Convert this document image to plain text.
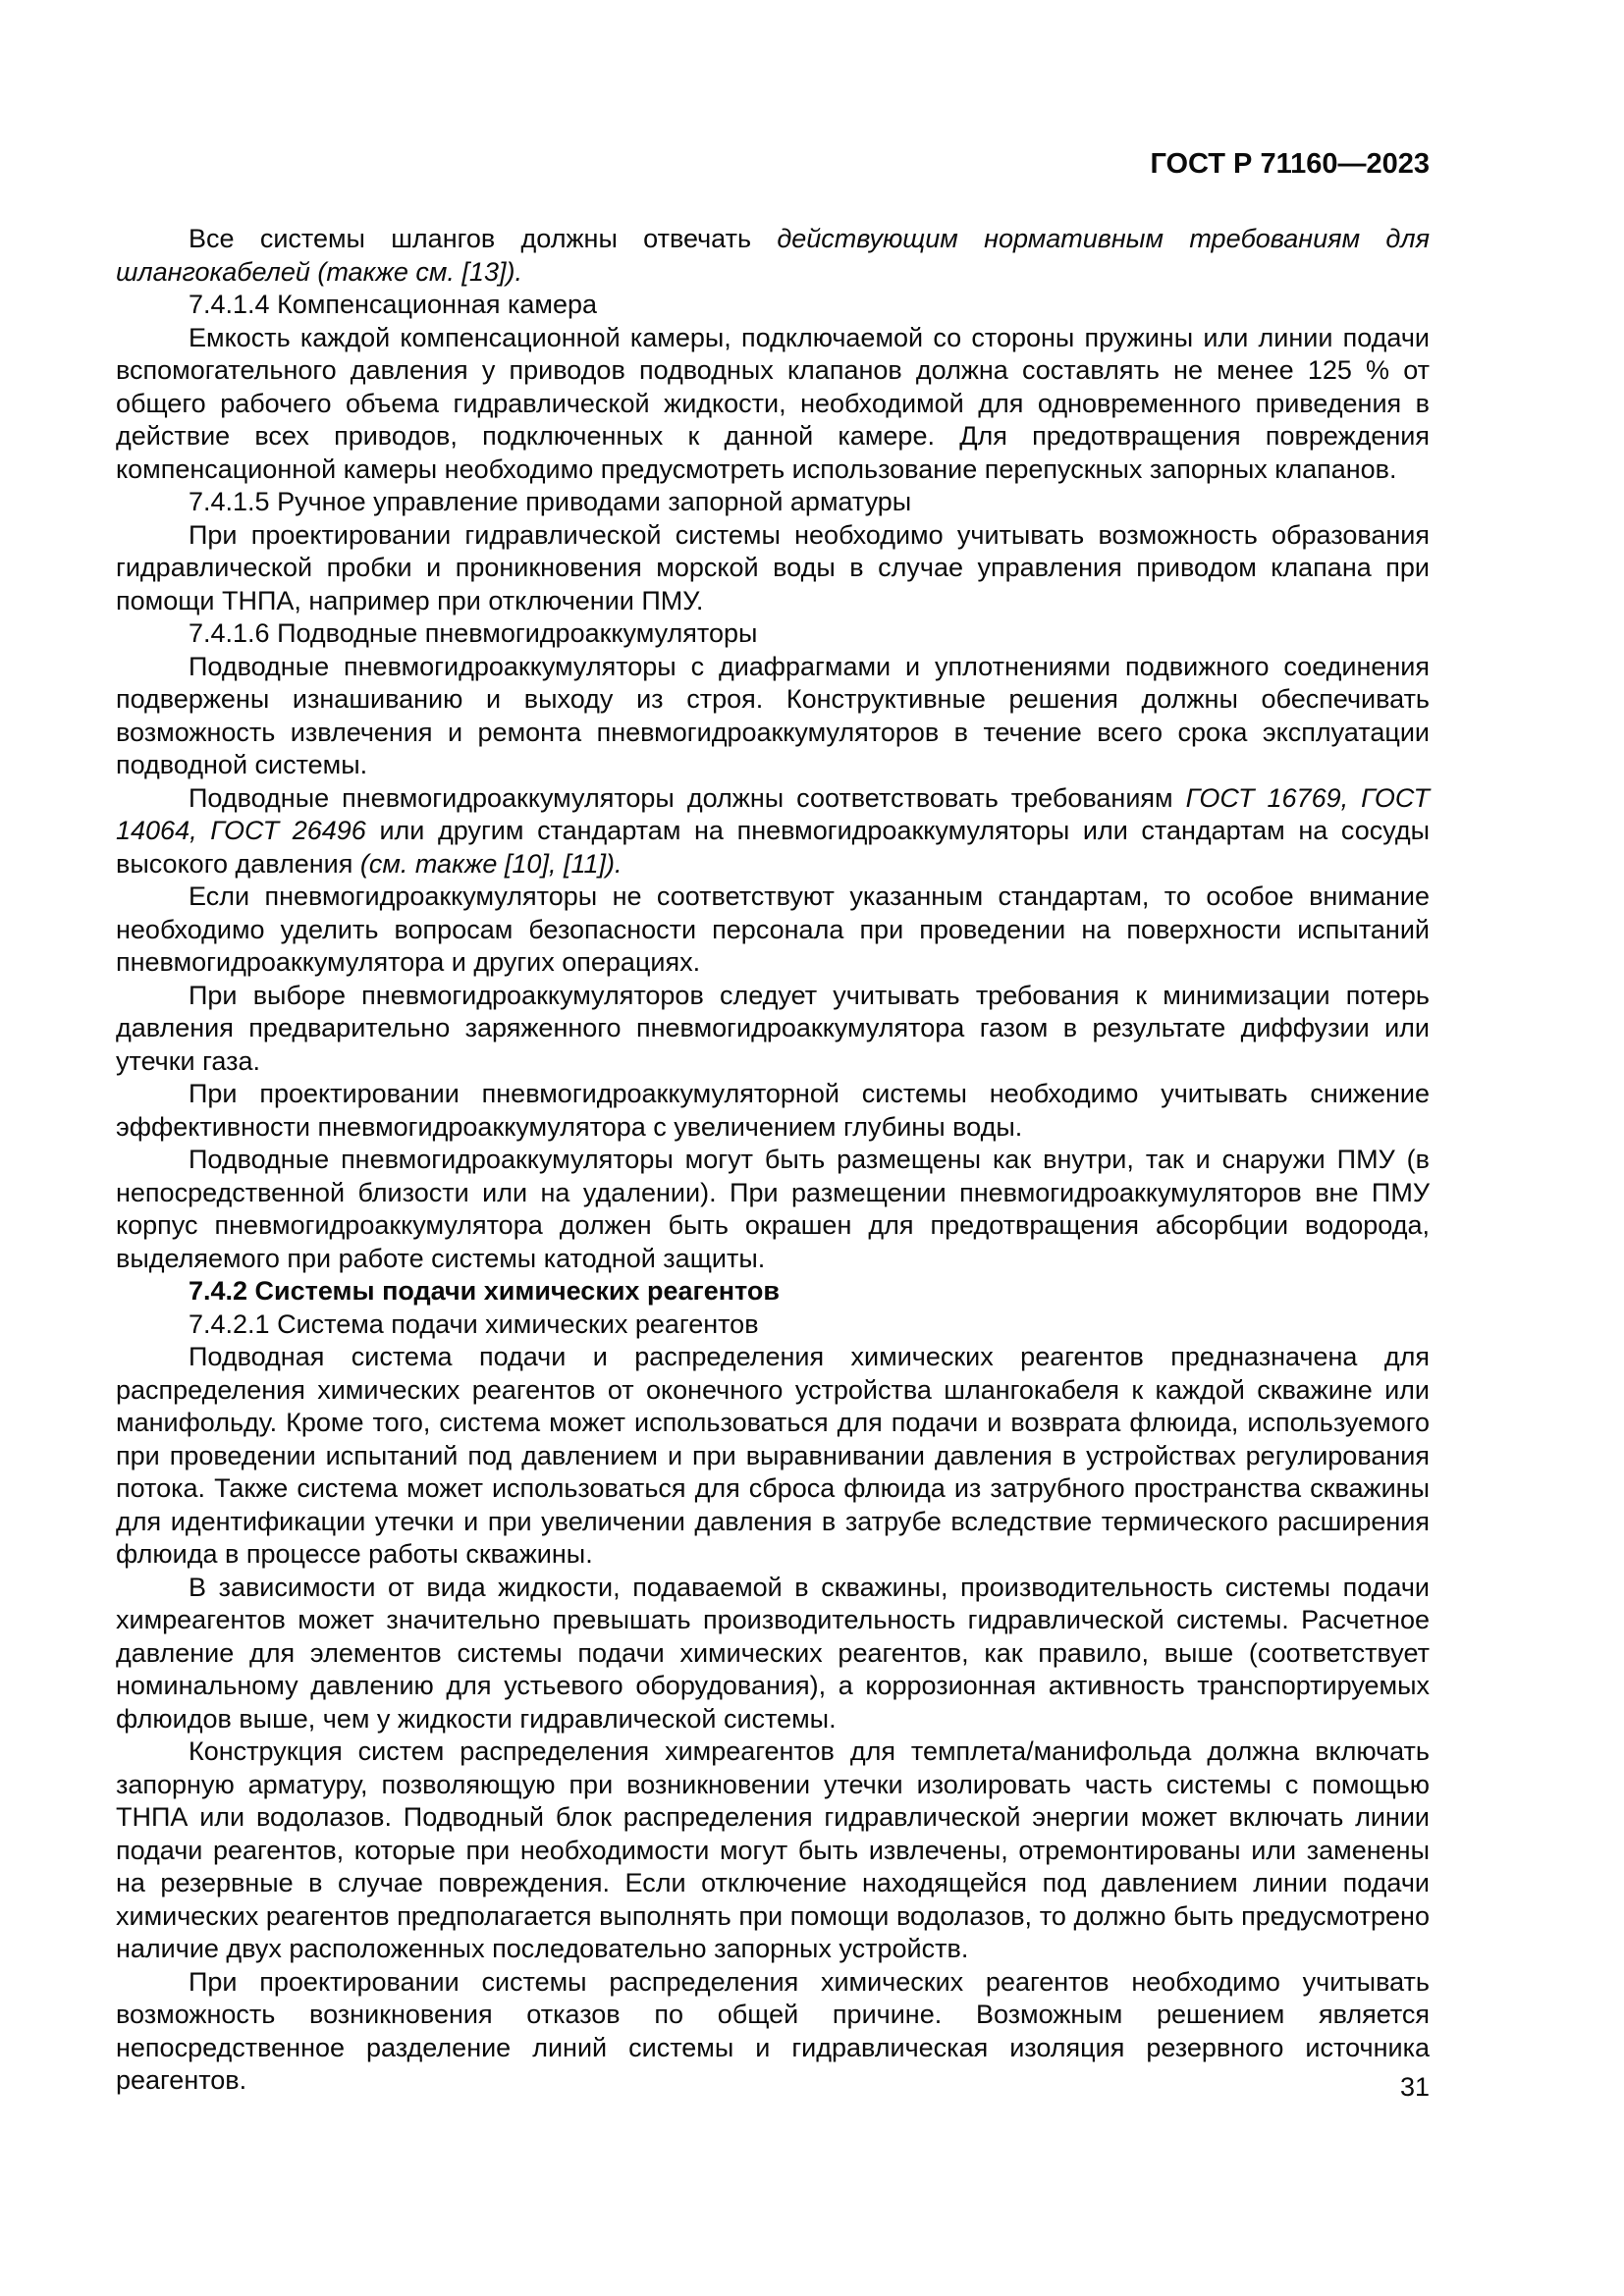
ГОСТ Р 71160—2023

Все системы шлангов должны отвечать действующим нормативным требованиям для шлангокабелей (также см. [13]).

7.4.1.4 Компенсационная камера

Емкость каждой компенсационной камеры, подключаемой со стороны пружины или линии подачи вспомогательного давления у приводов подводных клапанов должна составлять не менее 125 % от общего рабочего объема гидравлической жидкости, необходимой для одновременного приведения в действие всех приводов, подключенных к данной камере. Для предотвращения повреждения компенсационной камеры необходимо предусмотреть использование перепускных запорных клапанов.

7.4.1.5 Ручное управление приводами запорной арматуры

При проектировании гидравлической системы необходимо учитывать возможность образования гидравлической пробки и проникновения морской воды в случае управления приводом клапана при помощи ТНПА, например при отключении ПМУ.

7.4.1.6 Подводные пневмогидроаккумуляторы

Подводные пневмогидроаккумуляторы с диафрагмами и уплотнениями подвижного соединения подвержены изнашиванию и выходу из строя. Конструктивные решения должны обеспечивать возможность извлечения и ремонта пневмогидроаккумуляторов в течение всего срока эксплуатации подводной системы.

Подводные пневмогидроаккумуляторы должны соответствовать требованиям ГОСТ 16769, ГОСТ 14064, ГОСТ 26496 или другим стандартам на пневмогидроаккумуляторы или стандартам на сосуды высокого давления (см. также [10], [11]).

Если пневмогидроаккумуляторы не соответствуют указанным стандартам, то особое внимание необходимо уделить вопросам безопасности персонала при проведении на поверхности испытаний пневмогидроаккумулятора и других операциях.

При выборе пневмогидроаккумуляторов следует учитывать требования к минимизации потерь давления предварительно заряженного пневмогидроаккумулятора газом в результате диффузии или утечки газа.

При проектировании пневмогидроаккумуляторной системы необходимо учитывать снижение эффективности пневмогидроаккумулятора с увеличением глубины воды.

Подводные пневмогидроаккумуляторы могут быть размещены как внутри, так и снаружи ПМУ (в непосредственной близости или на удалении). При размещении пневмогидроаккумуляторов вне ПМУ корпус пневмогидроаккумулятора должен быть окрашен для предотвращения абсорбции водорода, выделяемого при работе системы катодной защиты.

7.4.2 Системы подачи химических реагентов

7.4.2.1 Система подачи химических реагентов

Подводная система подачи и распределения химических реагентов предназначена для распределения химических реагентов от оконечного устройства шлангокабеля к каждой скважине или манифольду. Кроме того, система может использоваться для подачи и возврата флюида, используемого при проведении испытаний под давлением и при выравнивании давления в устройствах регулирования потока. Также система может использоваться для сброса флюида из затрубного пространства скважины для идентификации утечки и при увеличении давления в затрубе вследствие термического расширения флюида в процессе работы скважины.

В зависимости от вида жидкости, подаваемой в скважины, производительность системы подачи химреагентов может значительно превышать производительность гидравлической системы. Расчетное давление для элементов системы подачи химических реагентов, как правило, выше (соответствует номинальному давлению для устьевого оборудования), а коррозионная активность транспортируемых флюидов выше, чем у жидкости гидравлической системы.

Конструкция систем распределения химреагентов для темплета/манифольда должна включать запорную арматуру, позволяющую при возникновении утечки изолировать часть системы с помощью ТНПА или водолазов. Подводный блок распределения гидравлической энергии может включать линии подачи реагентов, которые при необходимости могут быть извлечены, отремонтированы или заменены на резервные в случае повреждения. Если отключение находящейся под давлением линии подачи химических реагентов предполагается выполнять при помощи водолазов, то должно быть предусмотрено наличие двух расположенных последовательно запорных устройств.

При проектировании системы распределения химических реагентов необходимо учитывать возможность возникновения отказов по общей причине. Возможным решением является непосредственное разделение линий системы и гидравлическая изоляция резервного источника реагентов.	31
